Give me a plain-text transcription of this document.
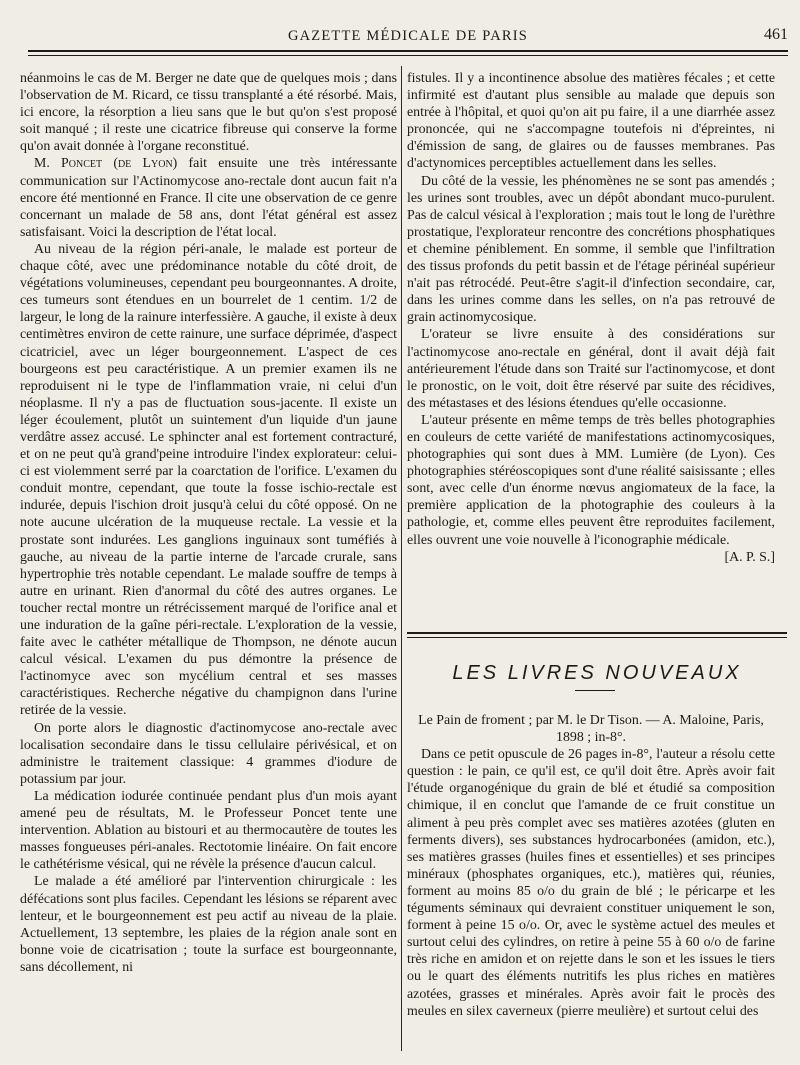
GAZETTE MÉDICALE DE PARIS	461

néanmoins le cas de M. Berger ne date que de quelques mois ; dans l'observation de M. Ricard, ce tissu transplanté a été résorbé. Mais, ici encore, la résorption a lieu sans que le but qu'on s'est proposé soit manqué ; il reste une cicatrice fibreuse qui conserve la forme qu'on avait donnée à l'organe reconstitué.

M. Poncet (de Lyon) fait ensuite une très intéressante communication sur l'Actinomycose ano-rectale dont aucun fait n'a encore été mentionné en France. Il cite une observation de ce genre concernant un malade de 58 ans, dont l'état général est assez satisfaisant. Voici la description de l'état local.

Au niveau de la région péri-anale, le malade est porteur de chaque côté, avec une prédominance notable du côté droit, de végétations volumineuses, cependant peu bourgeonnantes. A droite, ces tumeurs sont étendues en un bourrelet de 1 centim. 1/2 de largeur, le long de la rainure interfessière. A gauche, il existe à deux centimètres environ de cette rainure, une surface déprimée, d'aspect cicatriciel, avec un léger bourgeonnement. L'aspect de ces bourgeons est peu caractéristique. A un premier examen ils ne reproduisent ni le type de l'inflammation vraie, ni celui d'un néoplasme. Il n'y a pas de fluctuation sous-jacente. Il existe un léger écoulement, plutôt un suintement d'un liquide d'un jaune verdâtre assez accusé. Le sphincter anal est fortement contracturé, et on ne peut qu'à grand'peine introduire l'index explorateur: celui-ci est violemment serré par la coarctation de l'orifice. L'examen du conduit montre, cependant, que toute la fosse ischio-rectale est indurée, depuis l'ischion droit jusqu'à celui du côté opposé. On ne note aucune ulcération de la muqueuse rectale. La vessie et la prostate sont indurées. Les ganglions inguinaux sont tuméfiés à gauche, au niveau de la partie interne de l'arcade crurale, sans hypertrophie très notable cependant. Le malade souffre de temps à autre en urinant. Rien d'anormal du côté des autres organes. Le toucher rectal montre un rétrécissement marqué de l'orifice anal et une induration de la gaîne péri-rectale. L'exploration de la vessie, faite avec le cathéter métallique de Thompson, ne dénote aucun calcul vésical. L'examen du pus démontre la présence de l'actinomyce avec son mycélium central et ses masses caractéristiques. Recherche négative du champignon dans l'urine retirée de la vessie.

On porte alors le diagnostic d'actinomycose ano-rectale avec localisation secondaire dans le tissu cellulaire périvésical, et on administre le traitement classique: 4 grammes d'iodure de potassium par jour.

La médication iodurée continuée pendant plus d'un mois ayant amené peu de résultats, M. le Professeur Poncet tente une intervention. Ablation au bistouri et au thermocautère de toutes les masses fongueuses péri-anales. Rectotomie linéaire. On fait encore le cathétérisme vésical, qui ne révèle la présence d'aucun calcul.

Le malade a été amélioré par l'intervention chirurgicale : les défécations sont plus faciles. Cependant les lésions se réparent avec lenteur, et le bourgeonnement est peu actif au niveau de la plaie. Actuellement, 13 septembre, les plaies de la région anale sont en bonne voie de cicatrisation ; toute la surface est bourgeonnante, sans décollement, ni

fistules. Il y a incontinence absolue des matières fécales ; et cette infirmité est d'autant plus sensible au malade que depuis son entrée à l'hôpital, et quoi qu'on ait pu faire, il a une diarrhée assez prononcée, qui ne s'accompagne toutefois ni d'épreintes, ni d'émission de sang, de glaires ou de fausses membranes. Pas d'actynomices perceptibles actuellement dans les selles.

Du côté de la vessie, les phénomènes ne se sont pas amendés ; les urines sont troubles, avec un dépôt abondant muco-purulent. Pas de calcul vésical à l'exploration ; mais tout le long de l'urèthre prostatique, l'explorateur rencontre des concrétions phosphatiques et chemine péniblement. En somme, il semble que l'infiltration des tissus profonds du petit bassin et de l'étage périnéal supérieur n'ait pas rétrocédé. Peut-être s'agit-il d'infection secondaire, car, dans les urines comme dans les selles, on n'a pas retrouvé de grain actinomycosique.

L'orateur se livre ensuite à des considérations sur l'actinomycose ano-rectale en général, dont il avait déjà fait antérieurement l'étude dans son Traité sur l'actinomycose, et dont le pronostic, on le voit, doit être réservé par suite des récidives, des métastases et des lésions étendues qu'elle occasionne.

L'auteur présente en même temps de très belles photographies en couleurs de cette variété de manifestations actinomycosiques, photographies qui sont dues à MM. Lumière (de Lyon). Ces photographies stéréoscopiques sont d'une réalité saisissante ; elles sont, avec celle d'un énorme nœvus angiomateux de la face, la première application de la photographie des couleurs à la pathologie, et, comme elles peuvent être reproduites facilement, elles ouvrent une voie nouvelle à l'iconographie médicale.

[A. P. S.]

LES LIVRES NOUVEAUX

Le Pain de froment ; par M. le Dr Tison. — A. Maloine, Paris, 1898 ; in-8°.

Dans ce petit opuscule de 26 pages in-8°, l'auteur a résolu cette question : le pain, ce qu'il est, ce qu'il doit être. Après avoir fait l'étude organogénique du grain de blé et étudié sa composition chimique, il en conclut que l'amande de ce fruit constitue un aliment à peu près complet avec ses matières azotées (gluten en ferments divers), ses substances hydrocarbonées (amidon, etc.), ses matières grasses (huiles fines et essentielles) et ses principes minéraux (phosphates organiques, etc.), matières qui, réunies, forment au moins 85 o/o du grain de blé ; le péricarpe et les téguments séminaux qui devraient constituer uniquement le son, forment à peine 15 o/o. Or, avec le système actuel des meules et surtout celui des cylindres, on retire à peine 55 à 60 o/o de farine très riche en amidon et on rejette dans le son et les issues le tiers ou le quart des éléments nutritifs les plus riches en matières azotées, grasses et minérales. Après avoir fait le procès des meules en silex caverneux (pierre meulière) et surtout celui des
